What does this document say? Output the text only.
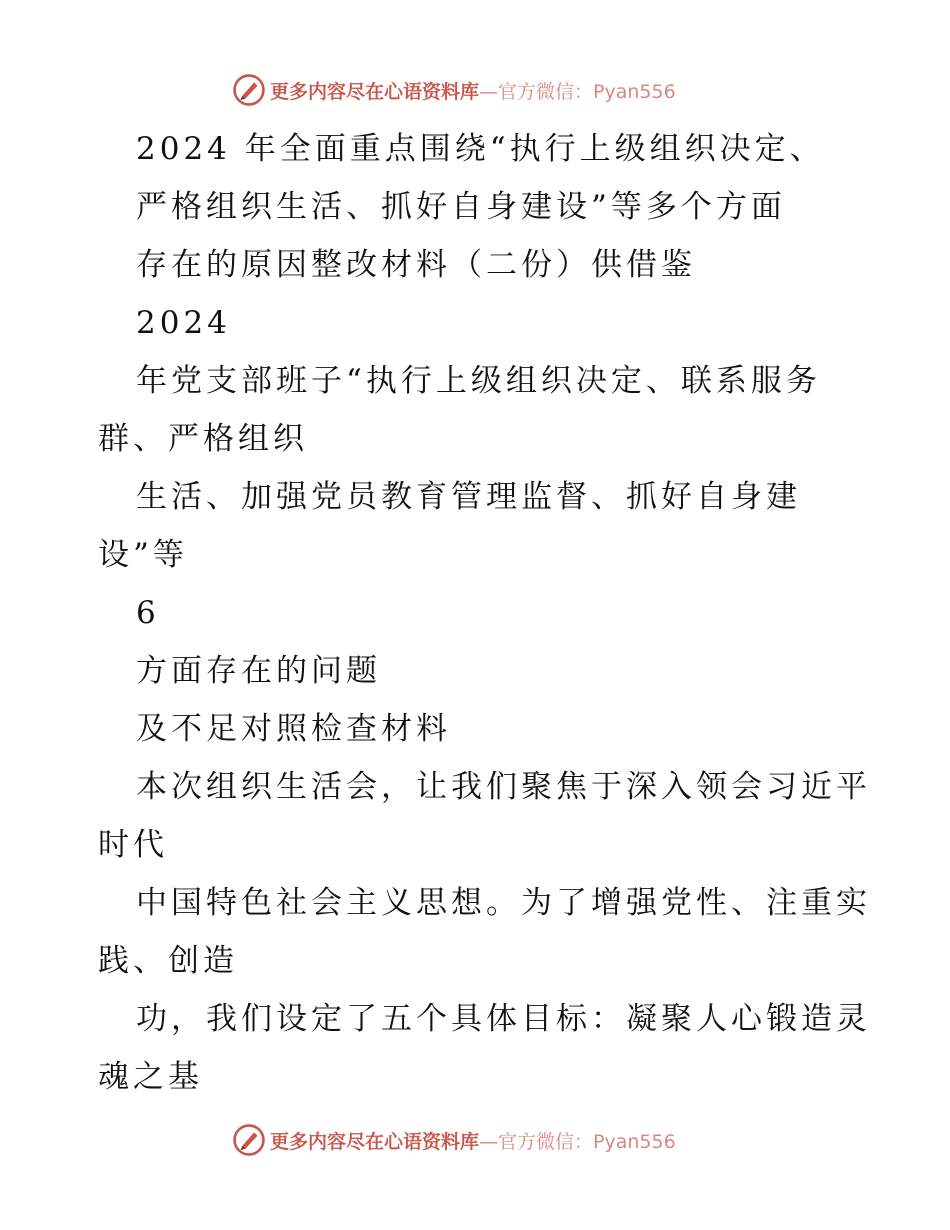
更多内容尽在心语资料库—官方微信：Pyan556
2024 年全面重点围绕“执行上级组织决定、
严格组织生活、抓好自身建设”等多个方面
存在的原因整改材料（二份）供借鉴
2024
年党支部班子“执行上级组织决定、联系服务
群、严格组织
生活、加强党员教育管理监督、抓好自身建
设”等
6
方面存在的问题
及不足对照检查材料
本次组织生活会，让我们聚焦于深入领会习近平
时代
中国特色社会主义思想。为了增强党性、注重实
践、创造
功，我们设定了五个具体目标：凝聚人心锻造灵
魂之基
更多内容尽在心语资料库—官方微信：Pyan556
